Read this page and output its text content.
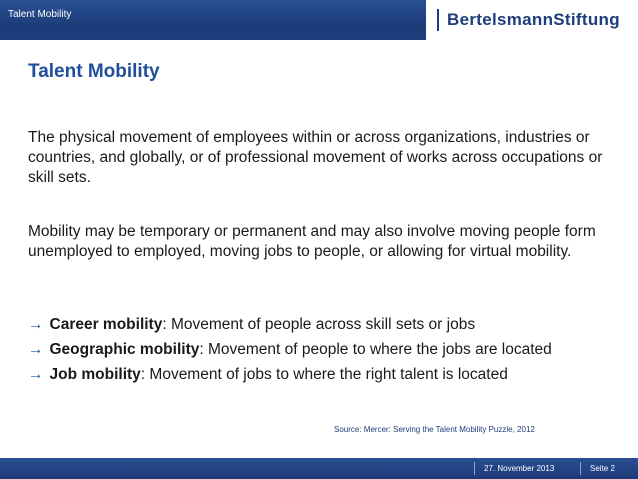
Talent Mobility	BertelsmannStiftung
Talent Mobility

The physical movement of employees within or across organizations, industries or countries, and globally, or of professional movement of works across occupations or skill sets.

Mobility may be temporary or permanent and may also involve moving people form unemployed to employed, moving jobs to people, or allowing for virtual mobility.

→ Career mobility: Movement of people across skill sets or jobs
→ Geographic mobility: Movement of people to where the jobs are located
→ Job mobility: Movement of jobs to where the right talent is located
Source: Mercer: Serving the Talent Mobility Puzzle, 2012
27. November 2013	Seite 2
